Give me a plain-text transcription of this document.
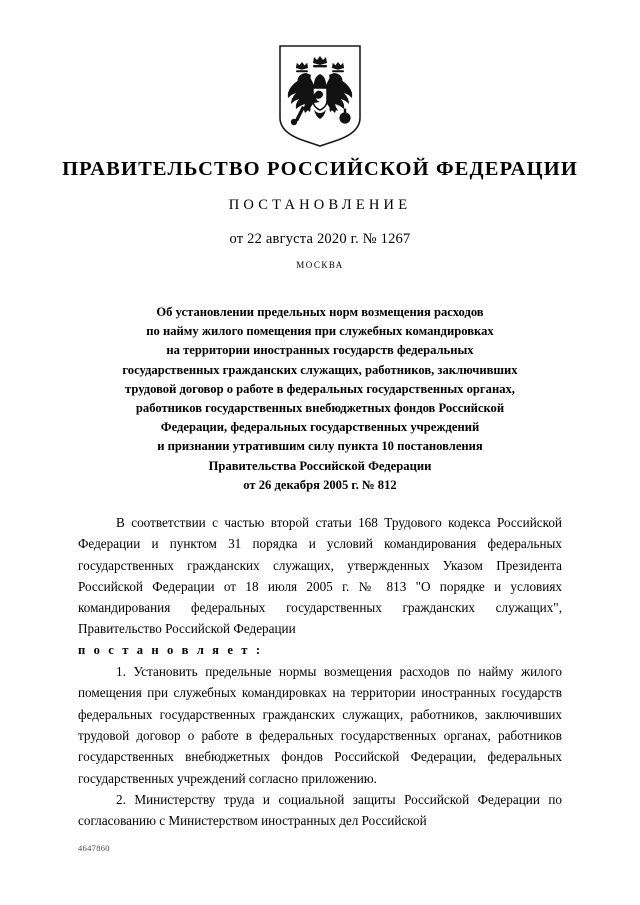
ПРАВИТЕЛЬСТВО РОССИЙСКОЙ ФЕДЕРАЦИИ
ПОСТАНОВЛЕНИЕ
от 22 августа 2020 г. № 1267
МОСКВА
Об установлении предельных норм возмещения расходов
по найму жилого помещения при служебных командировках
на территории иностранных государств федеральных
государственных гражданских служащих, работников, заключивших
трудовой договор о работе в федеральных государственных органах,
работников государственных внебюджетных фондов Российской
Федерации, федеральных государственных учреждений
и признании утратившим силу пункта 10 постановления
Правительства Российской Федерации
от 26 декабря 2005 г. № 812

В соответствии с частью второй статьи 168 Трудового кодекса Российской Федерации и пунктом 31 порядка и условий командирования федеральных государственных гражданских служащих, утвержденных Указом Президента Российской Федерации от 18 июля 2005 г. № 813 "О порядке и условиях командирования федеральных государственных гражданских служащих", Правительство Российской Федерации

п о с т а н о в л я е т :

1. Установить предельные нормы возмещения расходов по найму жилого помещения при служебных командировках на территории иностранных государств федеральных государственных гражданских служащих, работников, заключивших трудовой договор о работе в федеральных государственных органах, работников государственных внебюджетных фондов Российской Федерации, федеральных государственных учреждений согласно приложению.

2. Министерству труда и социальной защиты Российской Федерации по согласованию с Министерством иностранных дел Российской

4647860
